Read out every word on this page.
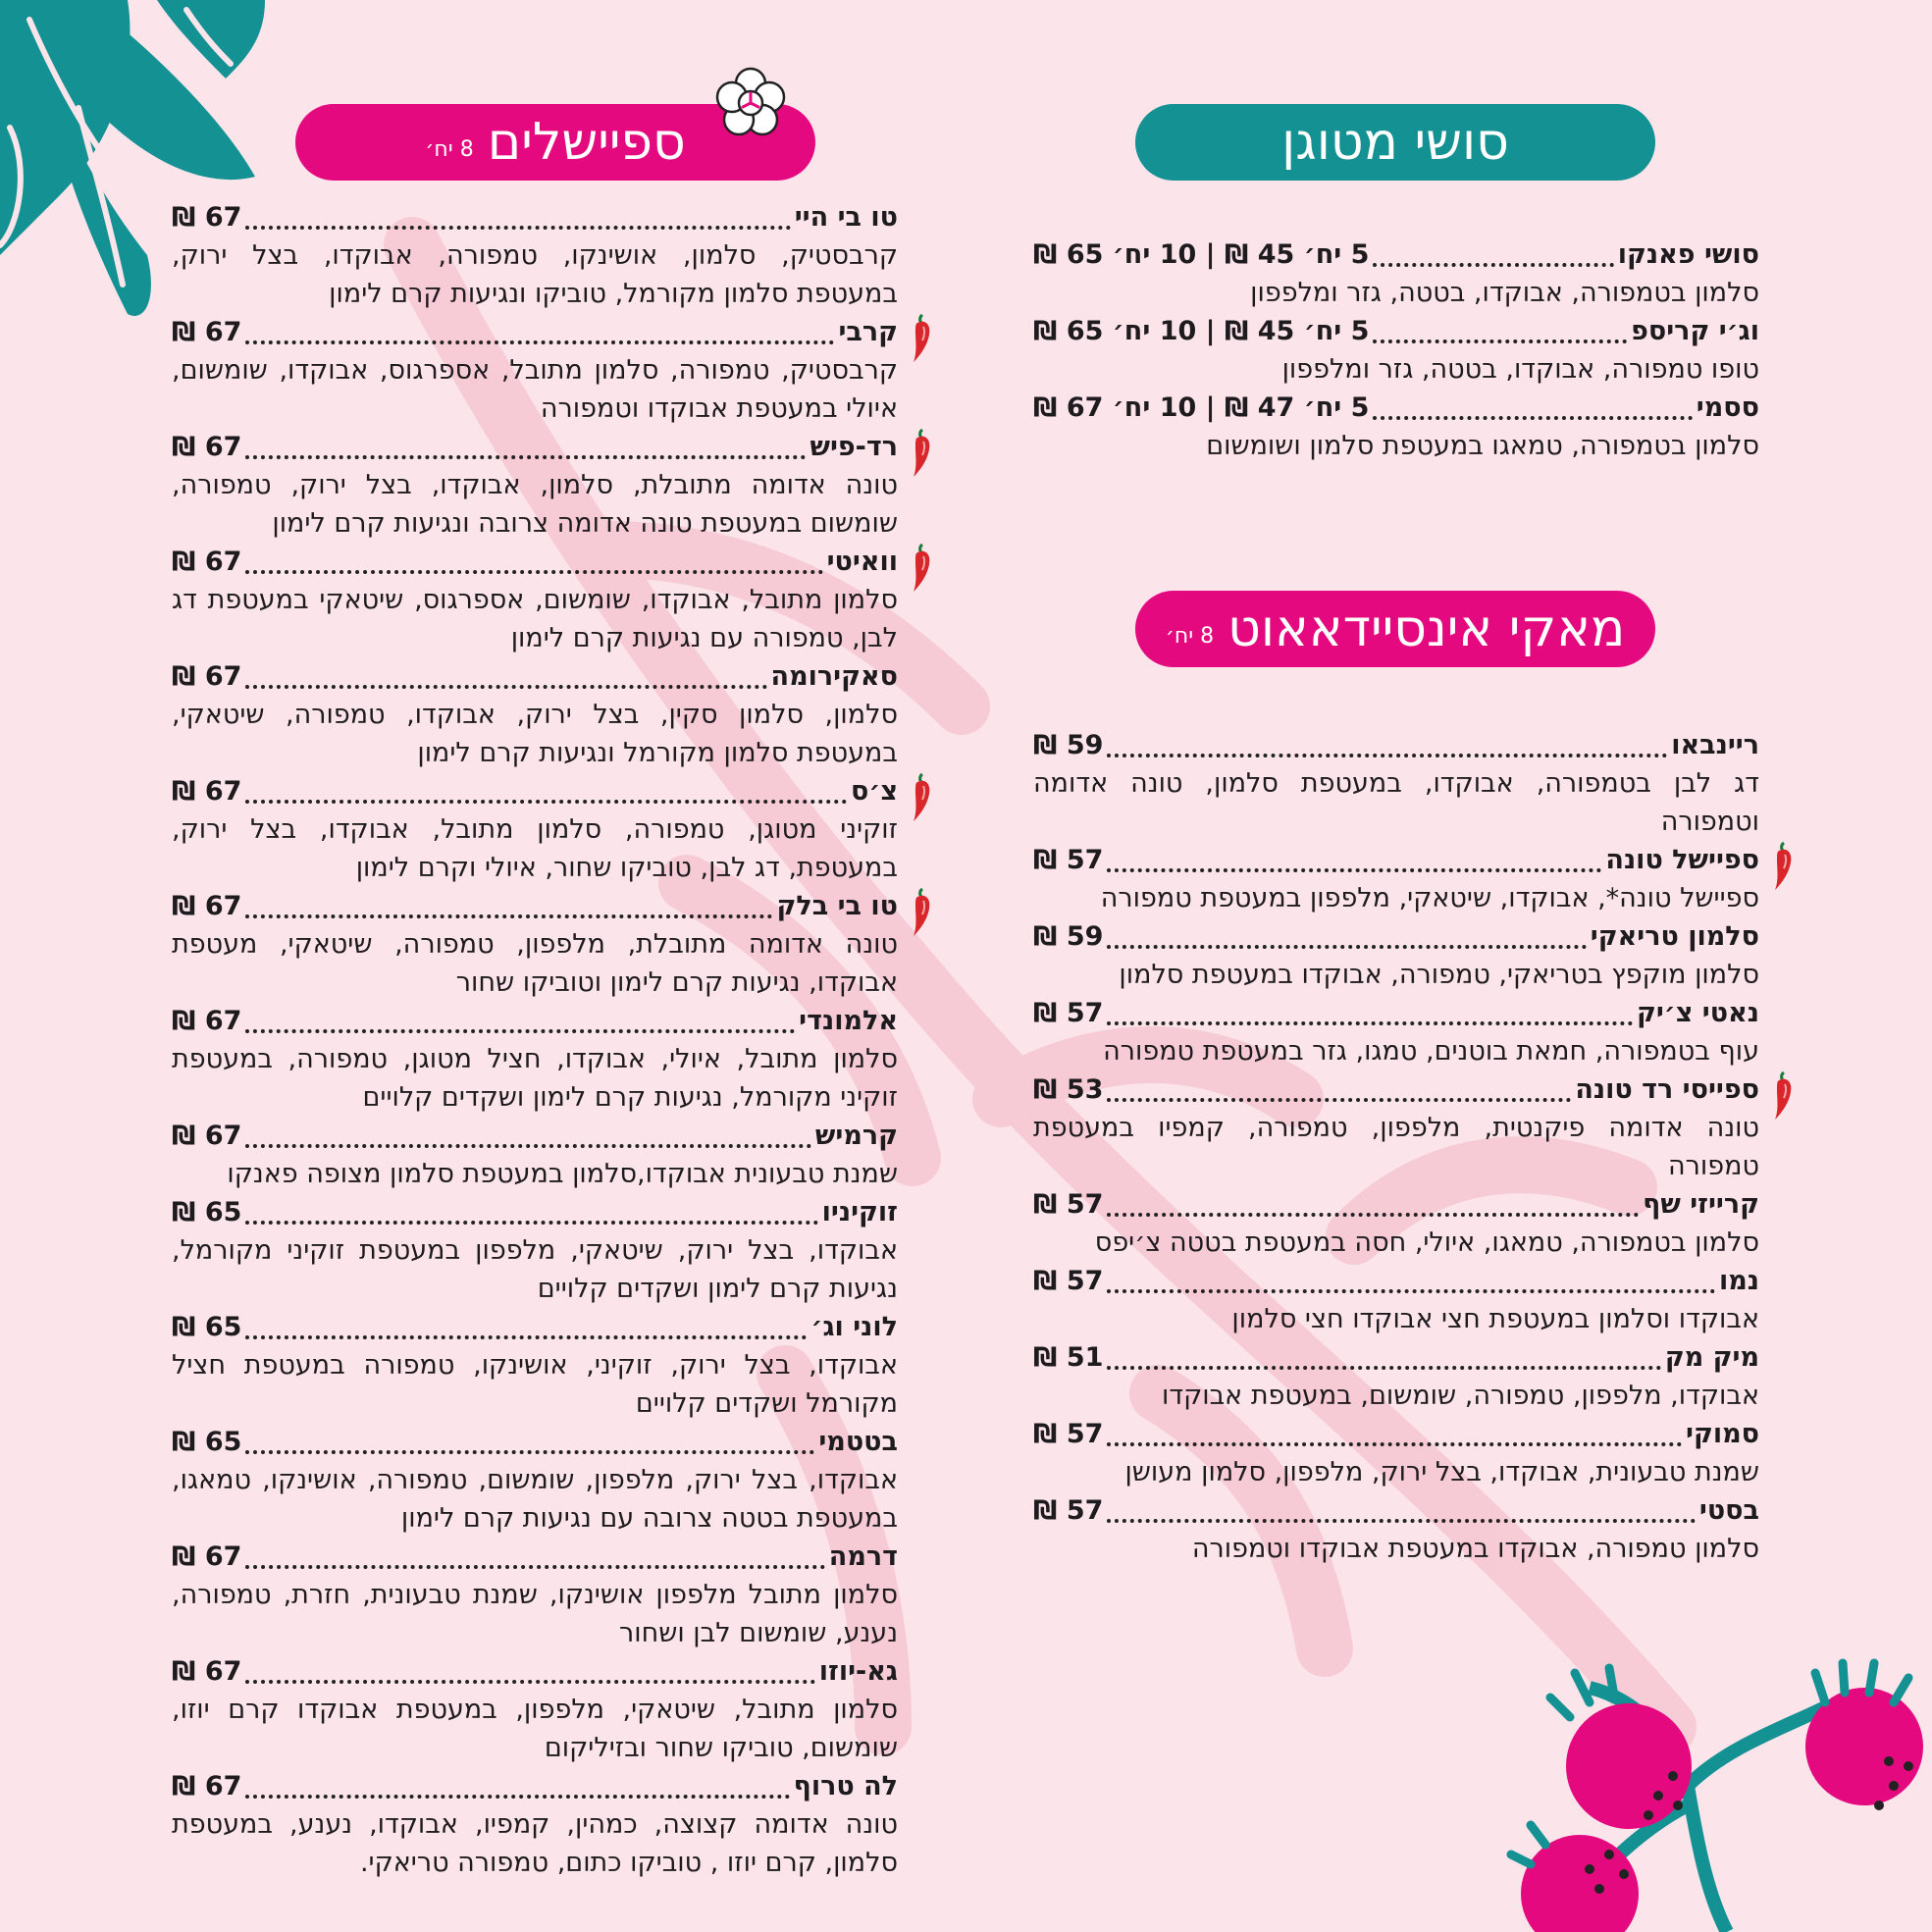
ספיישלים
8 יח׳
טו בי היי
67 ₪
קרבסטיק, סלמון, אושינקו, טמפורה, אבוקדו, בצל ירוק, במעטפת סלמון מקורמל, טוביקו ונגיעות קרם לימון
קרבי
67 ₪
קרבסטיק, טמפורה, סלמון מתובל, אספרגוס, אבוקדו, שומשום, איולי במעטפת אבוקדו וטמפורה
רד-פיש
67 ₪
טונה אדומה מתובלת, סלמון, אבוקדו, בצל ירוק, טמפורה, שומשום במעטפת טונה אדומה צרובה ונגיעות קרם לימון
וואיטי
67 ₪
סלמון מתובל, אבוקדו, שומשום, אספרגוס, שיטאקי במעטפת דג לבן, טמפורה עם נגיעות קרם לימון
סאקירומה
67 ₪
סלמון, סלמון סקין, בצל ירוק, אבוקדו, טמפורה, שיטאקי, במעטפת סלמון מקורמל ונגיעות קרם לימון
צ׳ס
67 ₪
זוקיני מטוגן, טמפורה, סלמון מתובל, אבוקדו, בצל ירוק, במעטפת, דג לבן, טוביקו שחור, איולי וקרם לימון
טו בי בלק
67 ₪
טונה אדומה מתובלת, מלפפון, טמפורה, שיטאקי, מעטפת אבוקדו, נגיעות קרם לימון וטוביקו שחור
אלמונדי
67 ₪
סלמון מתובל, איולי, אבוקדו, חציל מטוגן, טמפורה, במעטפת זוקיני מקורמל, נגיעות קרם לימון ושקדים קלויים
קרמיש
67 ₪
שמנת טבעונית אבוקדו,סלמון במעטפת סלמון מצופה פאנקו
זוקיניו
65 ₪
אבוקדו, בצל ירוק, שיטאקי, מלפפון במעטפת זוקיני מקורמל, נגיעות קרם לימון ושקדים קלויים
לוני וג׳
65 ₪
אבוקדו, בצל ירוק, זוקיני, אושינקו, טמפורה במעטפת חציל מקורמל ושקדים קלויים
בטטמי
65 ₪
אבוקדו, בצל ירוק, מלפפון, שומשום, טמפורה, אושינקו, טמאגו, במעטפת בטטה צרובה עם נגיעות קרם לימון
דרמה
67 ₪
סלמון מתובל מלפפון אושינקו, שמנת טבעונית, חזרת, טמפורה, נענע, שומשום לבן ושחור
גא-יוזו
67 ₪
סלמון מתובל, שיטאקי, מלפפון, במעטפת אבוקדו קרם יוזו, שומשום, טוביקו שחור ובזיליקום
לה טרוף
67 ₪
טונה אדומה קצוצה, כמהין, קמפיו, אבוקדו, נענע, במעטפת סלמון, קרם יוזו , טוביקו כתום, טמפורה טריאקי.
סושי מטוגן
סושי פאנקו
5 יח׳ 45 ₪ | 10 יח׳ 65 ₪
סלמון בטמפורה, אבוקדו, בטטה, גזר ומלפפון
וג׳י קריספ
5 יח׳ 45 ₪ | 10 יח׳ 65 ₪
טופו טמפורה, אבוקדו, בטטה, גזר ומלפפון
ססמי
5 יח׳ 47 ₪ | 10 יח׳ 67 ₪
סלמון בטמפורה, טמאגו במעטפת סלמון ושומשום
מאקי אינסיידאאוט
8 יח׳
ריינבאו
59 ₪
דג לבן בטמפורה, אבוקדו, במעטפת סלמון, טונה אדומה וטמפורה
ספיישל טונה
57 ₪
ספיישל טונה*, אבוקדו, שיטאקי, מלפפון במעטפת טמפורה
סלמון טריאקי
59 ₪
סלמון מוקפץ בטריאקי, טמפורה, אבוקדו במעטפת סלמון
נאטי צ׳יק
57 ₪
עוף בטמפורה, חמאת בוטנים, טמגו, גזר במעטפת טמפורה
ספייסי רד טונה
53 ₪
טונה אדומה פיקנטית, מלפפון, טמפורה, קמפיו במעטפת טמפורה
קרייזי שף
57 ₪
סלמון בטמפורה, טמאגו, איולי, חסה במעטפת בטטה צ׳יפס
נמו
57 ₪
אבוקדו וסלמון במעטפת חצי אבוקדו חצי סלמון
מיק מק
51 ₪
אבוקדו, מלפפון, טמפורה, שומשום, במעטפת אבוקדו
סמוקי
57 ₪
שמנת טבעונית, אבוקדו, בצל ירוק, מלפפון, סלמון מעושן
בסטי
57 ₪
סלמון טמפורה, אבוקדו במעטפת אבוקדו וטמפורה
